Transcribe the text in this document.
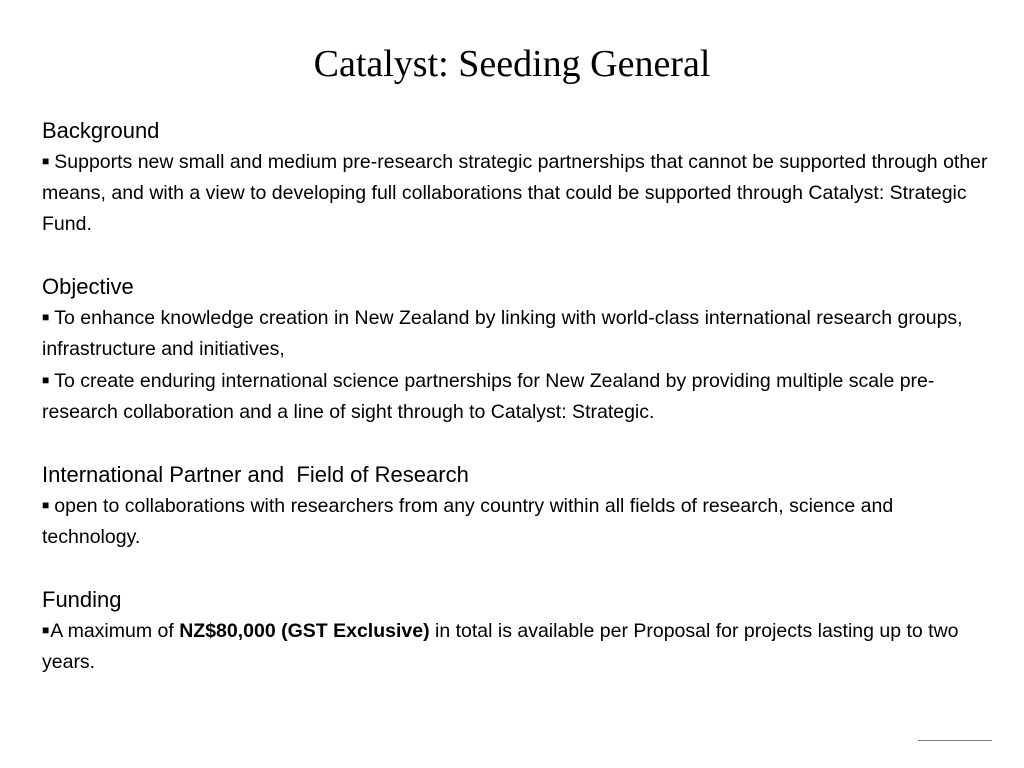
Catalyst: Seeding General

Background

■ Supports new small and medium pre-research strategic partnerships that cannot be supported through other means, and with a view to developing full collaborations that could be supported through Catalyst: Strategic Fund.

Objective

■ To enhance knowledge creation in New Zealand by linking with world-class international research groups, infrastructure and initiatives,

■ To create enduring international science partnerships for New Zealand by providing multiple scale pre-research collaboration and a line of sight through to Catalyst: Strategic.

International Partner and  Field of Research

■ open to collaborations with researchers from any country within all fields of research, science and technology.

Funding

■A maximum of NZ$80,000 (GST Exclusive) in total is available per Proposal for projects lasting up to two years.
